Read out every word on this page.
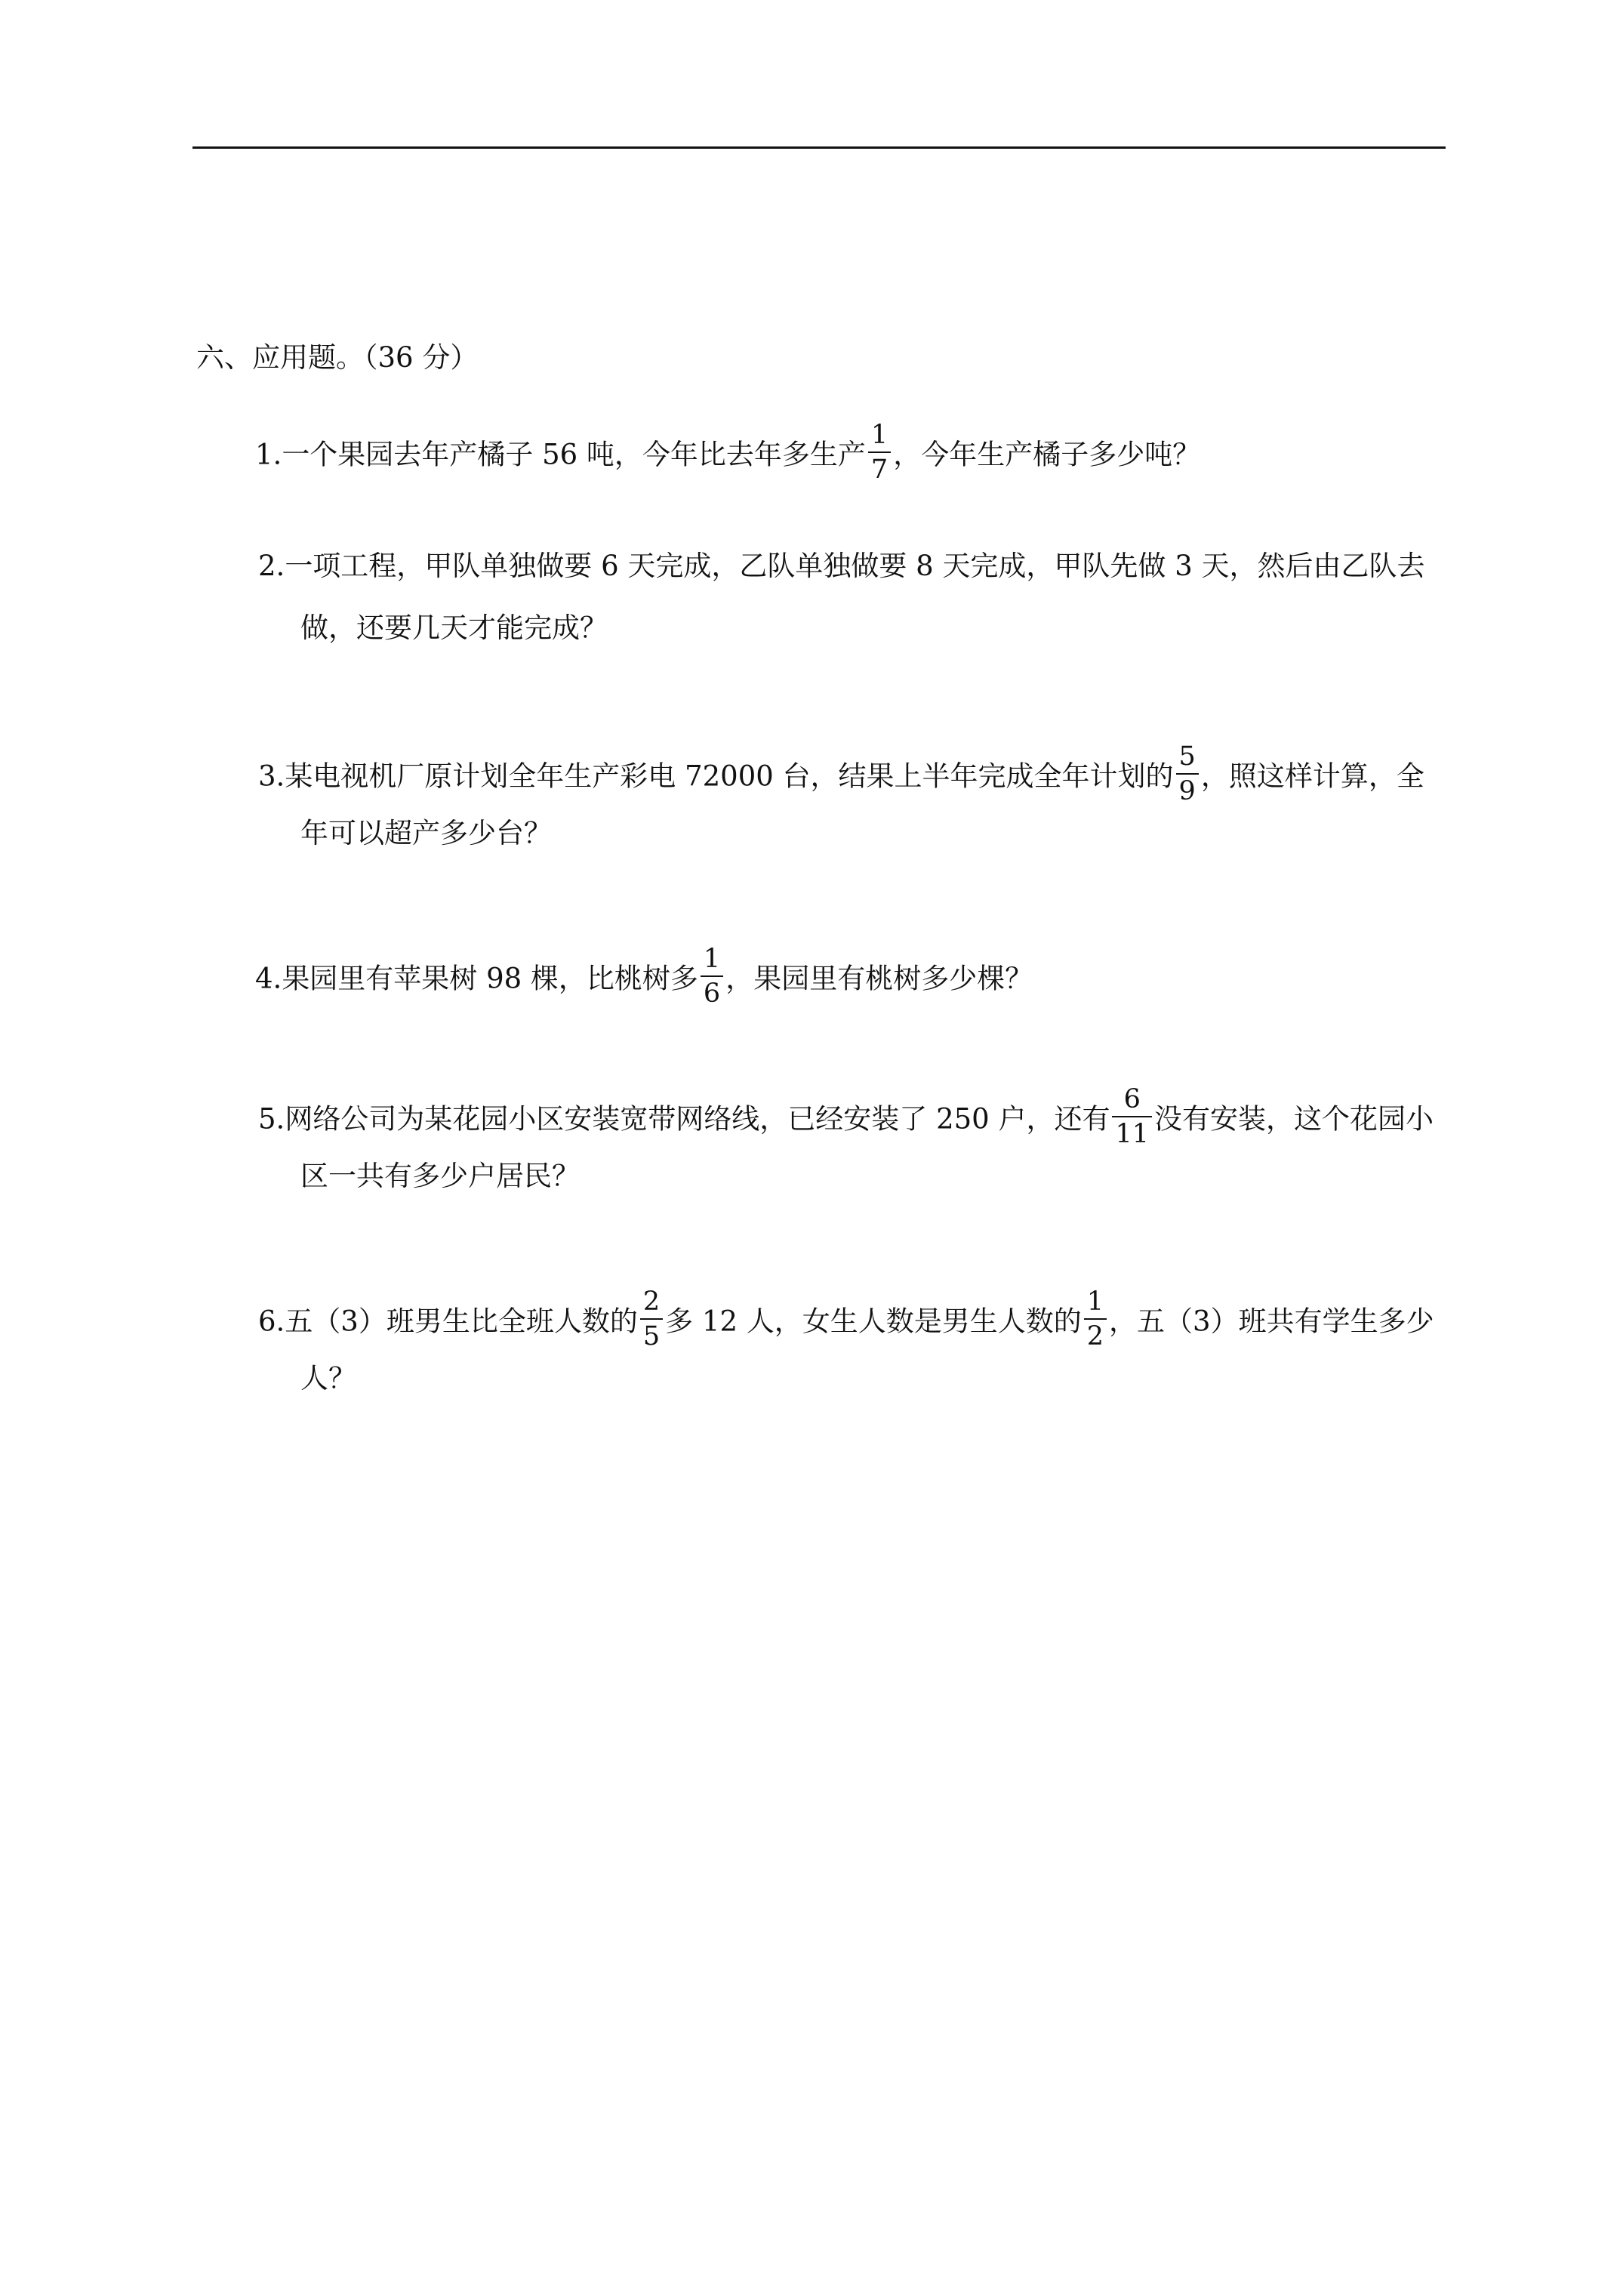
六、应用题。（36 分）
1.一个果园去年产橘子 56 吨，今年比去年多生产 $\frac{1}{7}$ ，今年生产橘子多少吨？
2.一项工程，甲队单独做要 6 天完成，乙队单独做要 8 天完成，甲队先做 3 天，然后由乙队去
做，还要几天才能完成？
3.某电视机厂原计划全年生产彩电 72000 台，结果上半年完成全年计划的 $\frac{5}{9}$ ，照这样计算，全
年可以超产多少台？
4.果园里有苹果树 98 棵，比桃树多 $\frac{1}{6}$ ，果园里有桃树多少棵？
5.网络公司为某花园小区安装宽带网络线，已经安装了 250 户，还有 $\frac{6}{11}$ 没有安装，这个花园小
区一共有多少户居民？
6.五（3）班男生比全班人数的 $\frac{2}{5}$ 多 12 人，女生人数是男生人数的 $\frac{1}{2}$ ，五（3）班共有学生多少
人？
